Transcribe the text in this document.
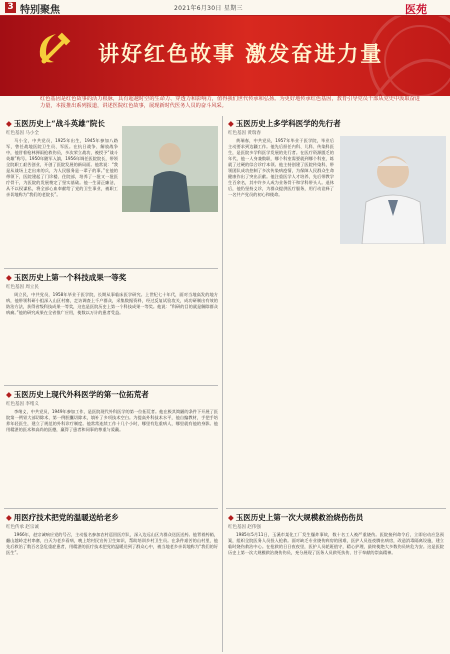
3 特别聚焦	2021年6月30日 星期三	医苑
讲好红色故事 激发奋进力量
红色基因是红色故事的活力根脉，具有超越时空的生命力、穿透力和影响力，值得我们世代传承和弘扬。为更好地传承红色基因，教育引导党员干部从党史中汲取奋进力量，本报推出系列报道，讲述医院红色故事，展现新时代医务人员的奋斗风采。
◆ 玉医历史上“战斗英雄”院长
红色基因 马小全

马小全，中共党员，1925年出生，1945年参加八路军，曾任战地医院卫生员、军医。在抗日战争、解放战争中，他冒着枪林弹雨抢救伤员，多次荣立战功，被授予“战斗英雄”称号。1950年随军入滇，1956年调任医院院长，带领全院职工艰苦创业，开创了医院发展的新局面。他常说：“我是从战场上走出来的兵，为人民服务是一辈子的事。”在他的带领下，医院建起了门诊楼、住院部，培养了一批又一批医疗骨干，为医院的发展奠定了坚实基础。他一生清正廉洁，从不以权谋私，将全部心血奉献给了党的卫生事业，被职工亲切地称为“我们的老院长”。

◆ 玉医历史上第一个科技成果一等奖
红色基因 周立民

周立民，中共党员，1958年毕业于医学院，长期从事临床医学研究。上世纪七十年代，面对当地高发的地方病，他带领科研小组深入山区村寨，走访调查上千户群众，采集数据资料，经过反复试验攻关，成功研制出有效的防治方法，获得省级科技成果一等奖，这也是医院历史上第一个科技成果一等奖。他说：“科研的目的就是解除群众病痛。”他的研究成果在全省推广应用，使数以万计的患者受益。

◆ 玉医历史上现代外科医学的第一位拓荒者
红色基因 李绪义

李绪义，中共党员，1949年参加工作，是医院现代外科医学的第一位拓荒者。他在极其简陋的条件下开展了医院第一例胃大部切除术、第一例胆囊切除术，填补了多项技术空白。为提高外科技术水平，他自编教材，手把手培养年轻医生，建立了规范的外科诊疗制度。他常常连续工作十几个小时，哪里有危重病人，哪里就有他的身影。他用精湛的医术和高尚的医德，赢得了患者和同事的尊重与爱戴。

◆ 用医疗技术把党的温暖送给老乡
红色传承 赵宗诚

1966年，赵宗诚响应党的号召，主动报名参加农村巡回医疗队，深入边远山区为群众送医送药。他背着药箱，翻山越岭走村串寨，白天为老乡看病，晚上给村民宣传卫生知识，帮助培训乡村卫生员。在条件艰苦的山村里，他先后救治了数百名急危重症患者，用精湛的医疗技术把党的温暖送到了群众心中，被当地老乡亲切地称为“我们的好医生”。

◆ 玉医历史上多学科医学的先行者
红色基因 黄瑞春

黄瑞春，中共党员，1957年毕业于医学院，毕业后主动要求到边疆工作。他先后担任内科、儿科、传染科医生，是医院多学科医学发展的先行者。在医疗资源匮乏的年代，他一人身兼数职，哪个科室需要就到哪个科室，练就了过硬的综合诊疗本领。他主持创建了医院传染科，带领团队成功控制了多次传染病疫情，为保障人民群众生命健康作出了突出贡献。他注重医学人才培养，先后带教学生百余名，其中许多人成为业务骨干和学科带头人。退休后，他仍坚持义诊，为群众提供医疗服务，用行动诠释了一名共产党员的初心和使命。

◆ 玉医历史上第一次大规模救治烧伤伤员
红色基因 赵伟强

1985年5月11日，玉溪市某化工厂发生爆炸事故，数十名工人被严重烧伤。医院接到命令后，立即启动应急预案，组织全院医务人员投入抢救。面对缺乏专业烧伤病房的困难，医护人员连夜腾出病房，改造消毒隔离设施，建立临时烧伤救治中心。在抢救的日日夜夜里，医护人员轮班值守，精心护理，最终使绝大多数伤员转危为安。这是医院历史上第一次大规模救治烧伤伤员，充分展现了医务人员救死扶伤、甘于奉献的崇高精神。
